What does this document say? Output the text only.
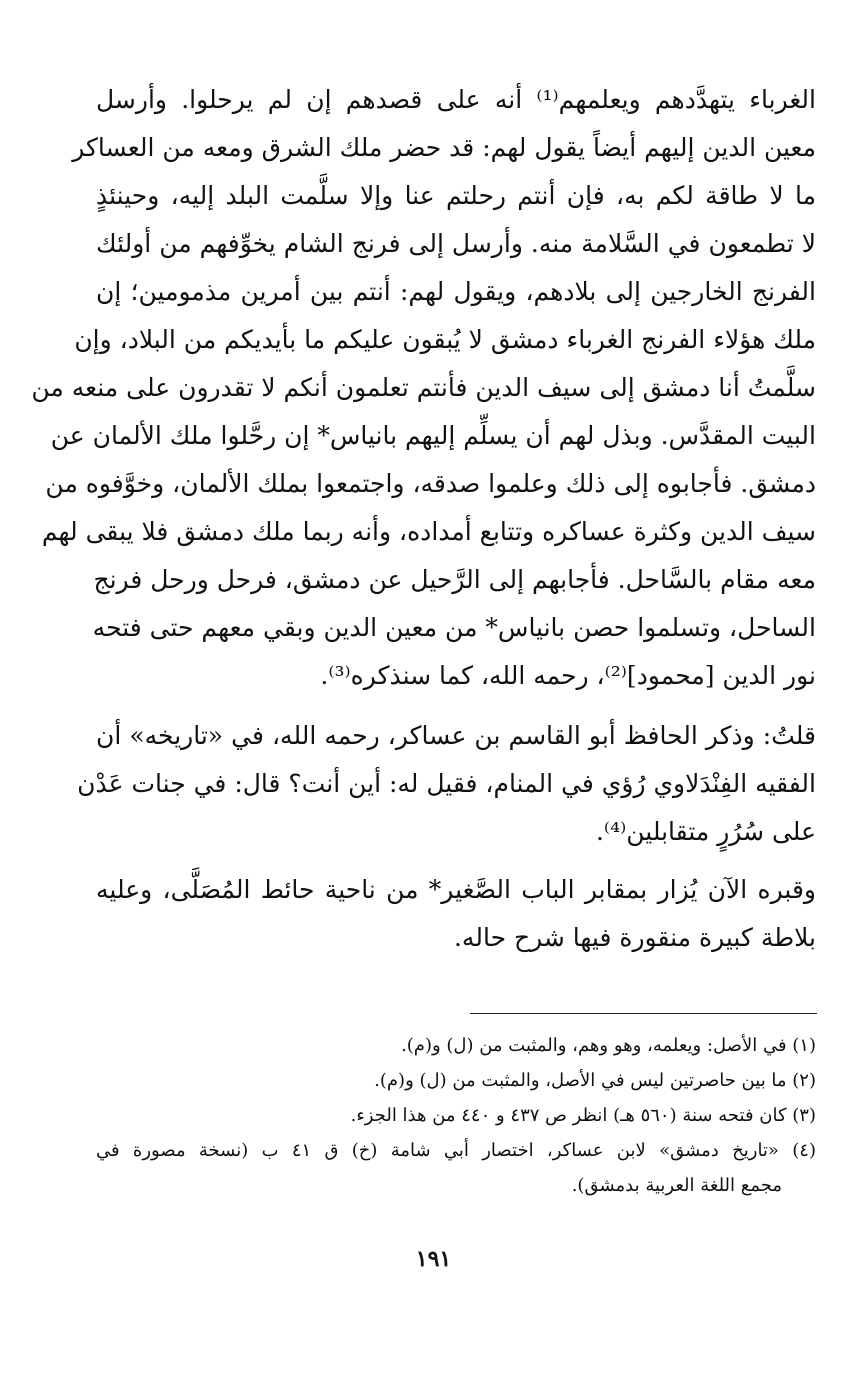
الغرباء يتهدَّدهم ويعلمهم⁽¹⁾ أنه على قصدهم إن لم يرحلوا. وأرسل
معين الدين إليهم أيضاً يقول لهم: قد حضر ملك الشرق ومعه من العساكر
ما لا طاقة لكم به، فإن أنتم رحلتم عنا وإلا سلَّمت البلد إليه، وحينئذٍ
لا تطمعون في السَّلامة منه. وأرسل إلى فرنج الشام يخوِّفهم من أولئك
الفرنج الخارجين إلى بلادهم، ويقول لهم: أنتم بين أمرين مذمومين؛ إن
ملك هؤلاء الفرنج الغرباء دمشق لا يُبقون عليكم ما بأيديكم من البلاد، وإن
سلَّمتُ أنا دمشق إلى سيف الدين فأنتم تعلمون أنكم لا تقدرون على منعه من
البيت المقدَّس. وبذل لهم أن يسلِّم إليهم بانياس* إن رحَّلوا ملك الألمان عن
دمشق. فأجابوه إلى ذلك وعلموا صدقه، واجتمعوا بملك الألمان، وخوَّفوه من
سيف الدين وكثرة عساكره وتتابع أمداده، وأنه ربما ملك دمشق فلا يبقى لهم
معه مقام بالسَّاحل. فأجابهم إلى الرَّحيل عن دمشق، فرحل ورحل فرنج
الساحل، وتسلموا حصن بانياس* من معين الدين وبقي معهم حتى فتحه
نور الدين [محمود]⁽²⁾، رحمه الله، كما سنذكره⁽³⁾.
قلتُ: وذكر الحافظ أبو القاسم بن عساكر، رحمه الله، في «تاريخه» أن
الفقيه الفِنْدَلاوي رُؤي في المنام، فقيل له: أين أنت؟ قال: في جنات عَدْن
على سُرُرٍ متقابلين⁽⁴⁾.
وقبره الآن يُزار بمقابر الباب الصَّغير* من ناحية حائط المُصَلَّى، وعليه
بلاطة كبيرة منقورة فيها شرح حاله.
(١) في الأصل: ويعلمه، وهو وهم، والمثبت من (ل) و(م).
(٢) ما بين حاصرتين ليس في الأصل، والمثبت من (ل) و(م).
(٣) كان فتحه سنة (٥٦٠ هـ) انظر ص ٤٣٧ و ٤٤٠ من هذا الجزء.
(٤) «تاريخ دمشق» لابن عساكر، اختصار أبي شامة (خ) ق ٤١ ب (نسخة مصورة في
مجمع اللغة العربية بدمشق).
١٩١
